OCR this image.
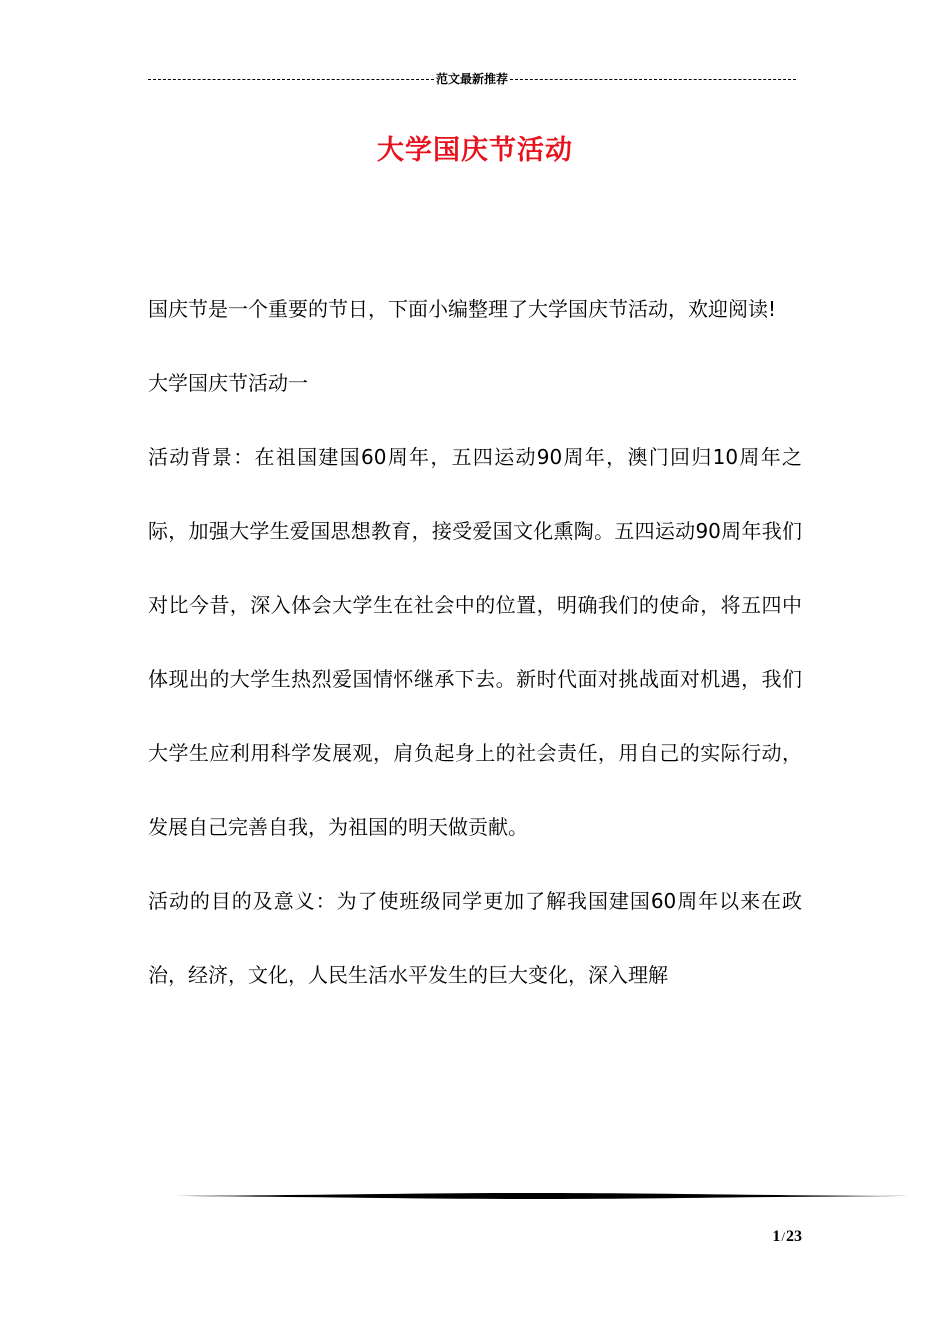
范文最新推荐
大学国庆节活动

国庆节是一个重要的节日，下面小编整理了大学国庆节活动，欢迎阅读!

大学国庆节活动一

活动背景：在祖国建国60周年，五四运动90周年，澳门回归10周年之际，加强大学生爱国思想教育，接受爱国文化熏陶。五四运动90周年我们对比今昔，深入体会大学生在社会中的位置，明确我们的使命，将五四中体现出的大学生热烈爱国情怀继承下去。新时代面对挑战面对机遇，我们大学生应利用科学发展观，肩负起身上的社会责任，用自己的实际行动，发展自己完善自我，为祖国的明天做贡献。

活动的目的及意义：为了使班级同学更加了解我国建国60周年以来在政治，经济，文化，人民生活水平发生的巨大变化，深入理解

1/23
